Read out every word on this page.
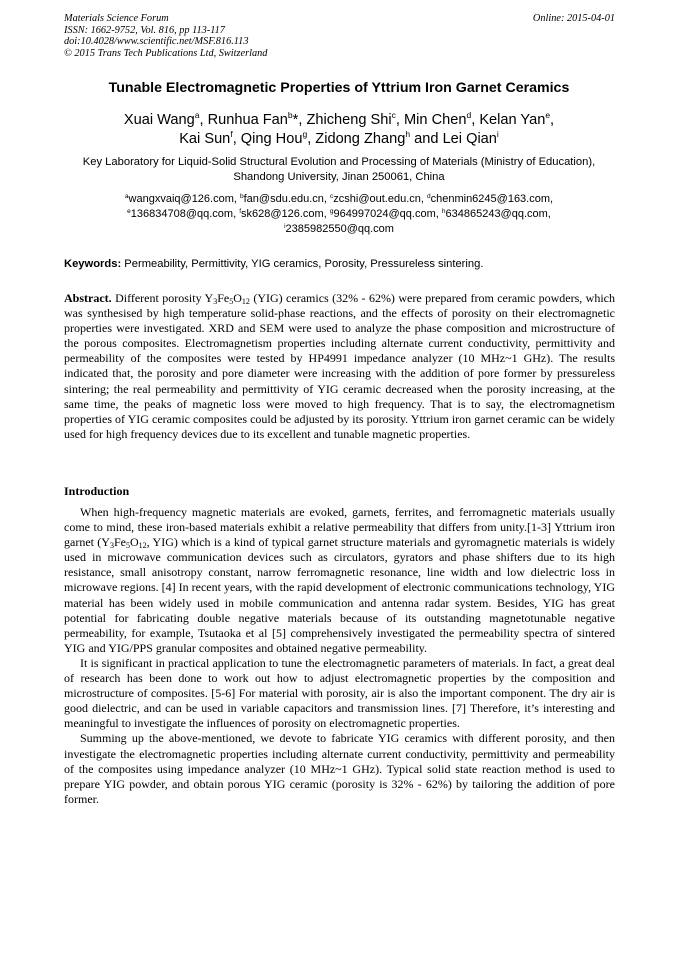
Materials Science Forum
ISSN: 1662-9752, Vol. 816, pp 113-117
doi:10.4028/www.scientific.net/MSF.816.113
© 2015 Trans Tech Publications Ltd, Switzerland
Online: 2015-04-01
Tunable Electromagnetic Properties of Yttrium Iron Garnet Ceramics
Xuai Wang$^a$, Runhua Fan$^b$*, Zhicheng Shi$^c$, Min Chen$^d$, Kelan Yan$^e$,
Kai Sun$^f$, Qing Hou$^g$, Zidong Zhang$^h$ and Lei Qian$^i$
Key Laboratory for Liquid-Solid Structural Evolution and Processing of Materials (Ministry of Education), Shandong University, Jinan 250061, China
$^a$wangxvaiq@126.com, $^b$fan@sdu.edu.cn, $^c$zcshi@out.edu.cn, $^d$chenmin6245@163.com,
$^e$136834708@qq.com, $^f$sk628@126.com, $^g$964997024@qq.com, $^h$634865243@qq.com,
$^i$2385982550@qq.com
Keywords: Permeability, Permittivity, YIG ceramics, Porosity, Pressureless sintering.
Abstract. Different porosity $Y_3Fe_5O_{12}$ (YIG) ceramics (32% - 62%) were prepared from ceramic powders, which was synthesised by high temperature solid-phase reactions, and the effects of porosity on their electromagnetic properties were investigated. XRD and SEM were used to analyze the phase composition and microstructure of the porous composites. Electromagnetism properties including alternate current conductivity, permittivity and permeability of the composites were tested by HP4991 impedance analyzer (10 MHz~1 GHz). The results indicated that, the porosity and pore diameter were increasing with the addition of pore former by pressureless sintering; the real permeability and permittivity of YIG ceramic decreased when the porosity increasing, at the same time, the peaks of magnetic loss were moved to high frequency. That is to say, the electromagnetism properties of YIG ceramic composites could be adjusted by its porosity. Yttrium iron garnet ceramic can be widely used for high frequency devices due to its excellent and tunable magnetic properties.
Introduction

When high-frequency magnetic materials are evoked, garnets, ferrites, and ferromagnetic materials usually come to mind, these iron-based materials exhibit a relative permeability that differs from unity.[1-3] Yttrium iron garnet ($Y_3Fe_5O_{12}$, YIG) which is a kind of typical garnet structure materials and gyromagnetic materials is widely used in microwave communication devices such as circulators, gyrators and phase shifters due to its high resistance, small anisotropy constant, narrow ferromagnetic resonance, line width and low dielectric loss in microwave regions. [4] In recent years, with the rapid development of electronic communications technology, YIG material has been widely used in mobile communication and antenna radar system. Besides, YIG has great potential for fabricating double negative materials because of its outstanding magnetotunable negative permeability, for example, Tsutaoka et al [5] comprehensively investigated the permeability spectra of sintered YIG and YIG/PPS granular composites and obtained negative permeability.

It is significant in practical application to tune the electromagnetic parameters of materials. In fact, a great deal of research has been done to work out how to adjust electromagnetic properties by the composition and microstructure of composites. [5-6] For material with porosity, air is also the important component. The dry air is good dielectric, and can be used in variable capacitors and transmission lines. [7] Therefore, it’s interesting and meaningful to investigate the influences of porosity on electromagnetic properties.

Summing up the above-mentioned, we devote to fabricate YIG ceramics with different porosity, and then investigate the electromagnetic properties including alternate current conductivity, permittivity and permeability of the composites using impedance analyzer (10 MHz~1 GHz). Typical solid state reaction method is used to prepare YIG powder, and obtain porous YIG ceramic (porosity is 32% - 62%) by tailoring the addition of pore former.
